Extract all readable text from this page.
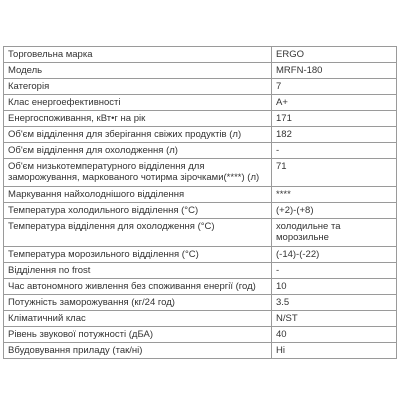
Торговельна марка	ERGO
Модель	MRFN-180
Категорія	7
Клас енергоефективності	A+
Енергоспоживання, кВт•г на рік	171
Об'єм відділення для зберігання свіжих продуктів (л)	182
Об'єм відділення для охолодження (л)	-
Об'єм низькотемпературного відділення для заморожування, маркованого чотирма зірочками(****) (л)	71
Маркування найхолоднішого відділення	****
Температура холодильного відділення (°С)	(+2)-(+8)
Температура відділення для охолодження (°С)	холодильне та морозильне
Температура морозильного відділення (°С)	(-14)-(-22)
Відділення no frost	-
Час автономного живлення без споживання енергії (год)	10
Потужність заморожування (кг/24 год)	3.5
Кліматичний клас	N/ST
Рівень звукової потужності (дБА)	40
Вбудовування приладу (так/ні)	Ні
